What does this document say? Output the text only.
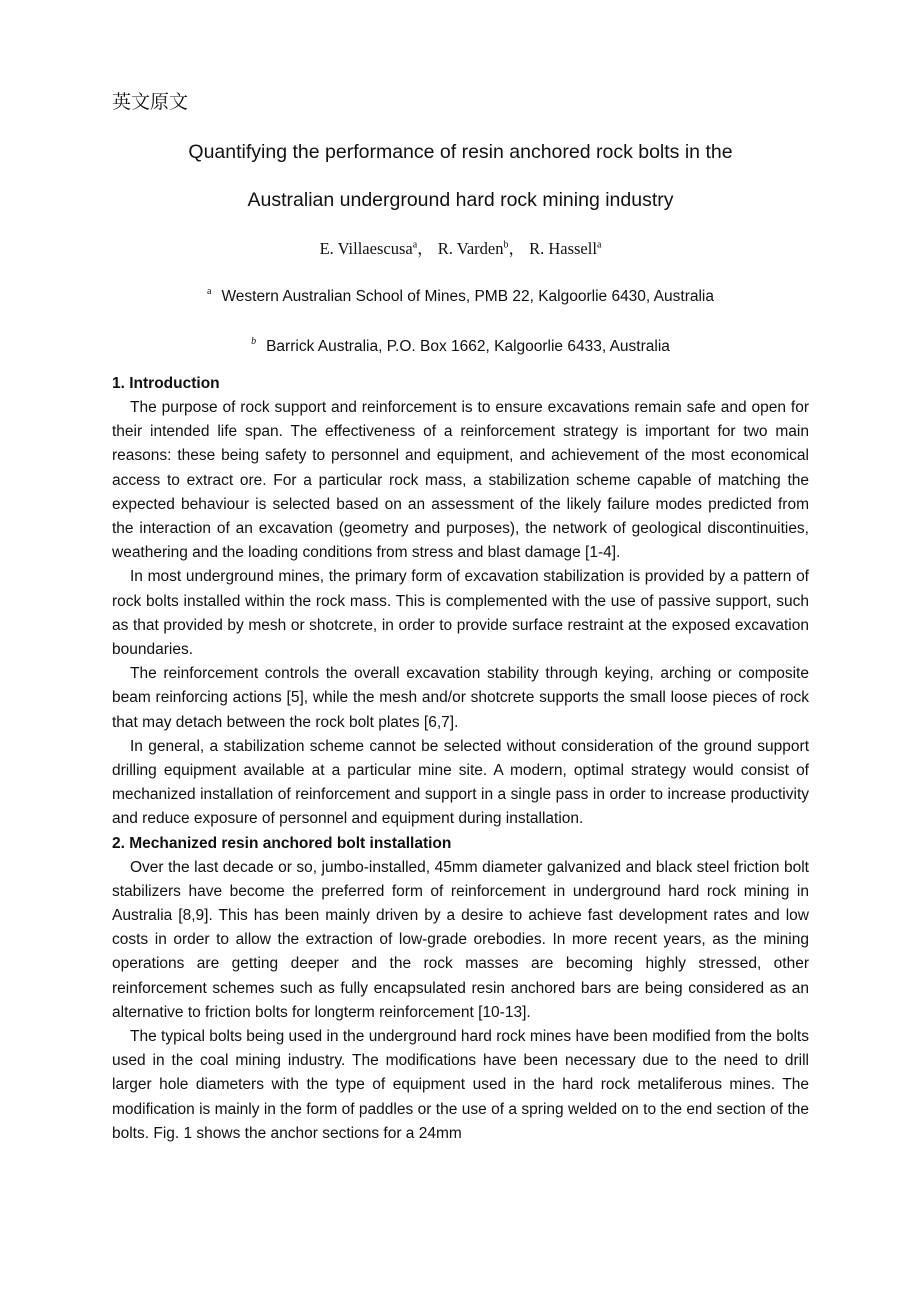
英文原文
Quantifying the performance of resin anchored rock bolts in the
Australian underground hard rock mining industry
E. Villaescusa$^a$， R. Varden$^b$， R. Hassell$^a$
$^a$ Western Australian School of Mines, PMB 22, Kalgoorlie 6430, Australia
$^b$ Barrick Australia, P.O. Box 1662, Kalgoorlie 6433, Australia
1. Introduction

The purpose of rock support and reinforcement is to ensure excavations remain safe and open for their intended life span. The effectiveness of a reinforcement strategy is important for two main reasons: these being safety to personnel and equipment, and achievement of the most economical access to extract ore. For a particular rock mass, a stabilization scheme capable of matching the expected behaviour is selected based on an assessment of the likely failure modes predicted from the interaction of an excavation (geometry and purposes), the network of geological discontinuities, weathering and the loading conditions from stress and blast damage [1‑4].

In most underground mines, the primary form of excavation stabilization is provided by a pattern of rock bolts installed within the rock mass. This is complemented with the use of passive support, such as that provided by mesh or shotcrete, in order to provide surface restraint at the exposed excavation boundaries.

The reinforcement controls the overall excavation stability through keying, arching or composite beam reinforcing actions [5], while the mesh and/or shotcrete supports the small loose pieces of rock that may detach between the rock bolt plates [6,7].

In general, a stabilization scheme cannot be selected without consideration of the ground support drilling equipment available at a particular mine site. A modern, optimal strategy would consist of mechanized installation of reinforcement and support in a single pass in order to increase productivity and reduce exposure of personnel and equipment during installation.

2. Mechanized resin anchored bolt installation

Over the last decade or so, jumbo-installed, 45mm diameter galvanized and black steel friction bolt stabilizers have become the preferred form of reinforcement in underground hard rock mining in Australia [8,9]. This has been mainly driven by a desire to achieve fast development rates and low costs in order to allow the extraction of low-grade orebodies. In more recent years, as the mining operations are getting deeper and the rock masses are becoming highly stressed, other reinforcement schemes such as fully encapsulated resin anchored bars are being considered as an alternative to friction bolts for longterm reinforcement [10‑13].

The typical bolts being used in the underground hard rock mines have been modified from the bolts used in the coal mining industry. The modifications have been necessary due to the need to drill larger hole diameters with the type of equipment used in the hard rock metaliferous mines. The modification is mainly in the form of paddles or the use of a spring welded on to the end section of the bolts. Fig. 1 shows the anchor sections for a 24mm
